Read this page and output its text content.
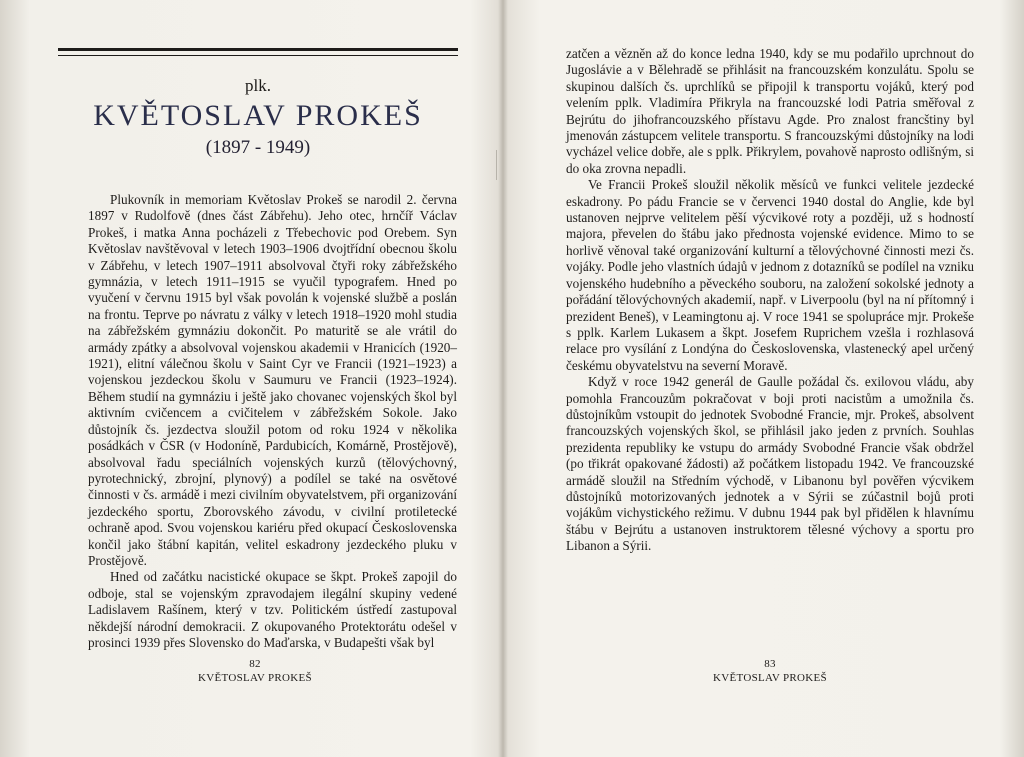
plk.
KVĚTOSLAV PROKEŠ
(1897 - 1949)

Plukovník in memoriam Květoslav Prokeš se narodil 2. června 1897 v Rudolfově (dnes část Zábřehu). Jeho otec, hrnčíř Václav Prokeš, i matka Anna pocházeli z Třebechovic pod Orebem. Syn Květoslav navštěvoval v letech 1903–1906 dvojtřídní obecnou školu v Zábřehu, v letech 1907–1911 absolvoval čtyři roky zábřežského gymnázia, v letech 1911–1915 se vyučil typografem. Hned po vyučení v červnu 1915 byl však povolán k vojenské službě a poslán na frontu. Teprve po návratu z války v letech 1918–1920 mohl studia na zábřežském gymnáziu dokončit. Po maturitě se ale vrátil do armády zpátky a absolvoval vojenskou akademii v Hranicích (1920–1921), elitní válečnou školu v Saint Cyr ve Francii (1921–1923) a vojenskou jezdeckou školu v Saumuru ve Francii (1923–1924). Během studií na gymnáziu i ještě jako chovanec vojenských škol byl aktivním cvičencem a cvičitelem v zábřežském Sokole. Jako důstojník čs. jezdectva sloužil potom od roku 1924 v několika posádkách v ČSR (v Hodoníně, Pardubicích, Komárně, Prostějově), absolvoval řadu speciálních vojenských kurzů (tělovýchovný, pyrotechnický, zbrojní, plynový) a podílel se také na osvětové činnosti v čs. armádě i mezi civilním obyvatelstvem, při organizování jezdeckého sportu, Zborovského závodu, v civilní protiletecké ochraně apod. Svou vojenskou kariéru před okupací Československa končil jako štábní kapitán, velitel eskadrony jezdeckého pluku v Prostějově.

Hned od začátku nacistické okupace se škpt. Prokeš zapojil do odboje, stal se vojenským zpravodajem ilegální skupiny vedené Ladislavem Rašínem, který v tzv. Politickém ústředí zastupoval někdejší národní demokracii. Z okupovaného Protektorátu odešel v prosinci 1939 přes Slovensko do Maďarska, v Budapešti však byl

82
KVĚTOSLAV PROKEŠ

zatčen a vězněn až do konce ledna 1940, kdy se mu podařilo uprchnout do Jugoslávie a v Bělehradě se přihlásit na francouzském konzulátu. Spolu se skupinou dalších čs. uprchlíků se připojil k transportu vojáků, který pod velením pplk. Vladimíra Přikryla na francouzské lodi Patria směřoval z Bejrútu do jihofrancouzského přístavu Agde. Pro znalost francštiny byl jmenován zástupcem velitele transportu. S francouzskými důstojníky na lodi vycházel velice dobře, ale s pplk. Přikrylem, povahově naprosto odlišným, si do oka zrovna nepadli.

Ve Francii Prokeš sloužil několik měsíců ve funkci velitele jezdecké eskadrony. Po pádu Francie se v červenci 1940 dostal do Anglie, kde byl ustanoven nejprve velitelem pěší výcvikové roty a později, už s hodností majora, převelen do štábu jako přednosta vojenské evidence. Mimo to se horlivě věnoval také organizování kulturní a tělovýchovné činnosti mezi čs. vojáky. Podle jeho vlastních údajů v jednom z dotazníků se podílel na vzniku vojenského hudebního a pěveckého souboru, na založení sokolské jednoty a pořádání tělovýchovných akademií, např. v Liverpoolu (byl na ní přítomný i prezident Beneš), v Leamingtonu aj. V roce 1941 se spolupráce mjr. Prokeše s pplk. Karlem Lukasem a škpt. Josefem Ruprichem vzešla i rozhlasová relace pro vysílání z Londýna do Československa, vlastenecký apel určený českému obyvatelstvu na severní Moravě.

Když v roce 1942 generál de Gaulle požádal čs. exilovou vládu, aby pomohla Francouzům pokračovat v boji proti nacistům a umožnila čs. důstojníkům vstoupit do jednotek Svobodné Francie, mjr. Prokeš, absolvent francouzských vojenských škol, se přihlásil jako jeden z prvních. Souhlas prezidenta republiky ke vstupu do armády Svobodné Francie však obdržel (po třikrát opakované žádosti) až počátkem listopadu 1942. Ve francouzské armádě sloužil na Středním východě, v Libanonu byl pověřen výcvikem důstojníků motorizovaných jednotek a v Sýrii se zúčastnil bojů proti vojákům vichystického režimu. V dubnu 1944 pak byl přidělen k hlavnímu štábu v Bejrútu a ustanoven instruktorem tělesné výchovy a sportu pro Libanon a Sýrii.

83
KVĚTOSLAV PROKEŠ
